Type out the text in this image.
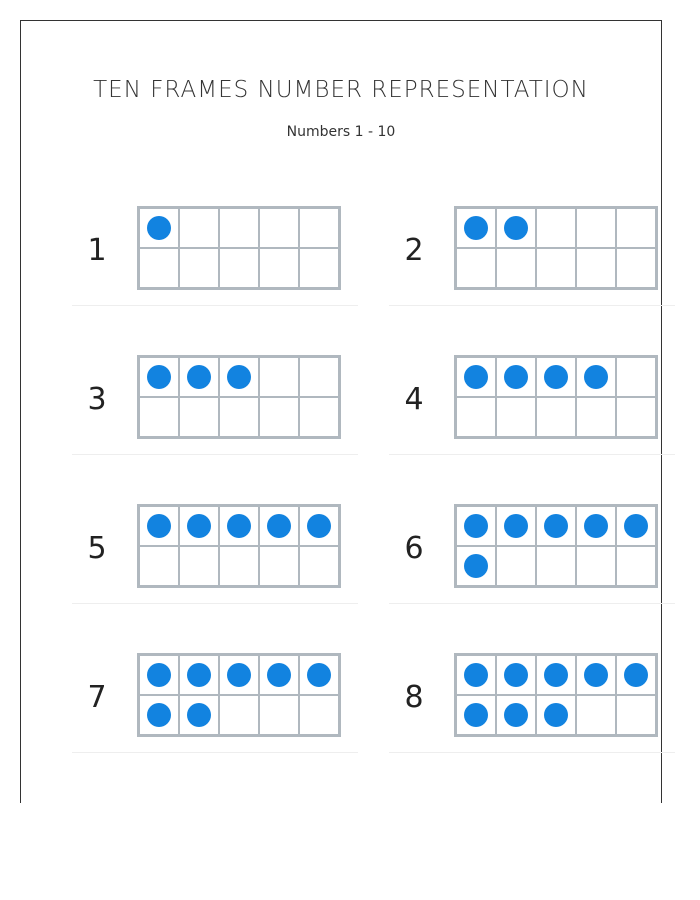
TEN FRAMES NUMBER REPRESENTATION
Numbers 1 - 10
1	2
3	4
5	6
7	8
